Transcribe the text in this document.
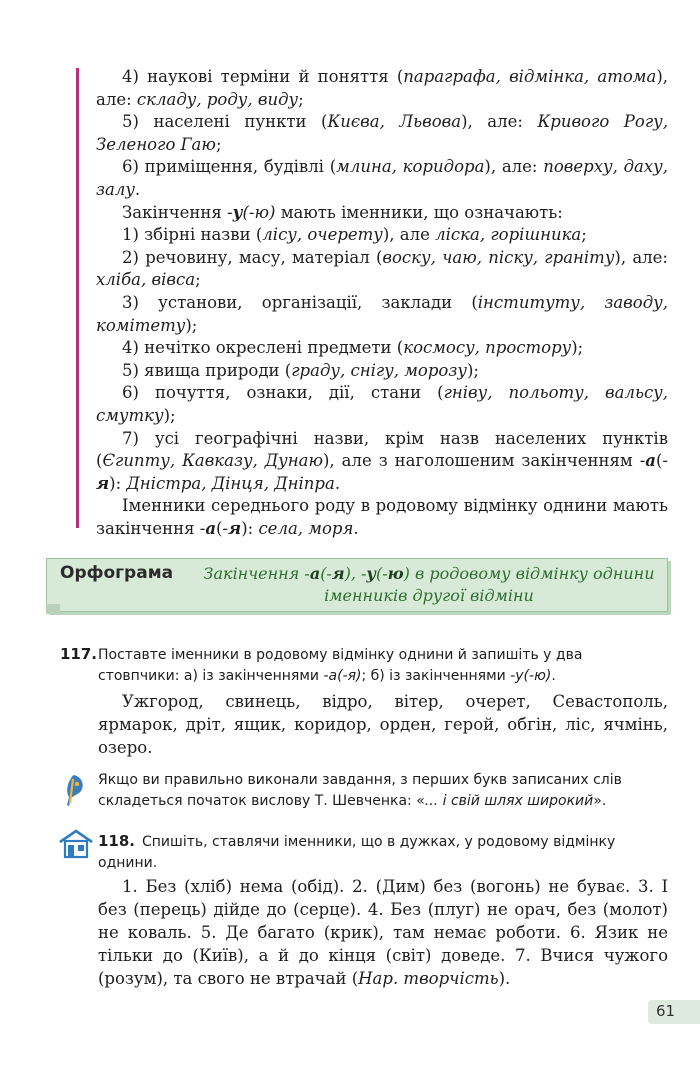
4) наукові терміни й поняття (параграфа, відмінка, атома), але: складу, роду, виду;

5) населені пункти (Києва, Львова), але: Кривого Рогу, Зеленого Гаю;

6) приміщення, будівлі (млина, коридора), але: поверху, даху, залу.

Закінчення -у(-ю) мають іменники, що означають:

1) збірні назви (лісу, очерету), але ліска, горішника;

2) речовину, масу, матеріал (воску, чаю, піску, граніту), але: хліба, вівса;

3) установи, організації, заклади (інституту, заводу, комітету);

4) нечітко окреслені предмети (космосу, простору);

5) явища природи (граду, снігу, морозу);

6) почуття, ознаки, дії, стани (гніву, польоту, вальсу, смутку);

7) усі географічні назви, крім назв населених пунктів (Єгипту, Кавказу, Дунаю), але з наголошеним закінченням -а(-я): Дністра, Дінця, Дніпра.

Іменники середнього роду в родовому відмінку однини мають закінчення -а(-я): села, моря.

Орфограма	Закінчення -а(-я), -у(-ю) в родовому відмінку однини іменників другої відміни
117. Поставте іменники в родовому відмінку однини й запишіть у два стовпчики: а) із закінченнями -а(-я); б) із закінченнями -у(-ю).
Ужгород, свинець, відро, вітер, очерет, Севастополь, ярмарок, дріт, ящик, коридор, орден, герой, обгін, ліс, ячмінь, озеро.
Якщо ви правильно виконали завдання, з перших букв записаних слів складеться початок вислову Т. Шевченка: «... і свій шлях широкий».
118. Спишіть, ставлячи іменники, що в дужках, у родовому відмінку однини.
1. Без (хліб) нема (обід). 2. (Дим) без (вогонь) не буває. 3. І без (перець) дійде до (серце). 4. Без (плуг) не орач, без (молот) не коваль. 5. Де багато (крик), там немає роботи. 6. Язик не тільки до (Київ), а й до кінця (світ) доведе. 7. Вчися чужого (розум), та свого не втрачай (Нар. творчість).
61
